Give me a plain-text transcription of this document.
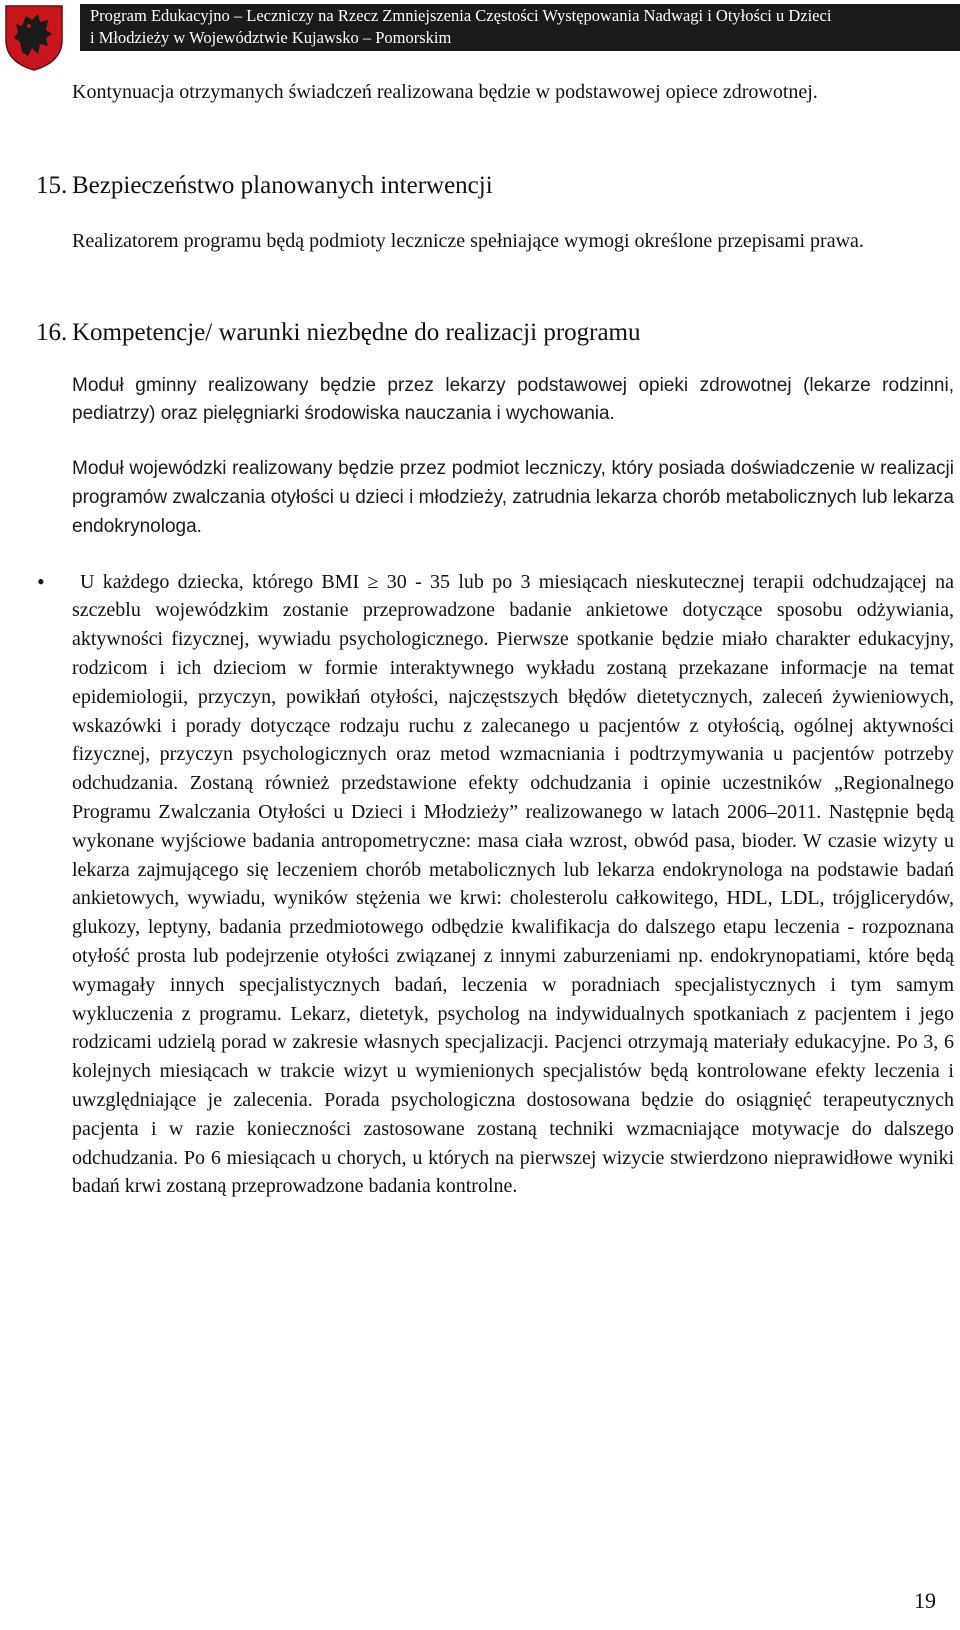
Program Edukacyjno – Leczniczy na Rzecz Zmniejszenia Częstości Występowania Nadwagi i Otyłości u Dzieci
i Młodzieży w Województwie Kujawsko – Pomorskim

Kontynuacja otrzymanych świadczeń realizowana będzie w podstawowej opiece zdrowotnej.

15. Bezpieczeństwo planowanych interwencji

Realizatorem programu będą podmioty lecznicze spełniające wymogi określone przepisami prawa.

16. Kompetencje/ warunki niezbędne do realizacji programu

Moduł gminny realizowany będzie przez lekarzy podstawowej opieki zdrowotnej (lekarze rodzinni, pediatrzy) oraz pielęgniarki środowiska nauczania i wychowania.

Moduł wojewódzki realizowany będzie przez podmiot leczniczy, który posiada doświadczenie w realizacji programów zwalczania otyłości u dzieci i młodzieży, zatrudnia lekarza chorób metabolicznych lub lekarza endokrynologa.

•	U każdego dziecka, którego BMI ≥ 30 - 35 lub po 3 miesiącach nieskutecznej terapii odchudzającej na szczeblu wojewódzkim zostanie przeprowadzone badanie ankietowe dotyczące sposobu odżywiania, aktywności fizycznej, wywiadu psychologicznego. Pierwsze spotkanie będzie miało charakter edukacyjny, rodzicom i ich dzieciom w formie interaktywnego wykładu zostaną przekazane informacje na temat epidemiologii, przyczyn, powikłań otyłości, najczęstszych błędów dietetycznych, zaleceń żywieniowych, wskazówki i porady dotyczące rodzaju ruchu z zalecanego u pacjentów z otyłością, ogólnej aktywności fizycznej, przyczyn psychologicznych oraz metod wzmacniania i podtrzymywania u pacjentów potrzeby odchudzania. Zostaną również przedstawione efekty odchudzania i opinie uczestników „Regionalnego Programu Zwalczania Otyłości u Dzieci i Młodzieży” realizowanego w latach 2006–2011. Następnie będą wykonane wyjściowe badania antropometryczne: masa ciała wzrost, obwód pasa, bioder. W czasie wizyty u lekarza zajmującego się leczeniem chorób metabolicznych lub lekarza endokrynologa na podstawie badań ankietowych, wywiadu, wyników stężenia we krwi: cholesterolu całkowitego, HDL, LDL, trójglicerydów, glukozy, leptyny, badania przedmiotowego odbędzie kwalifikacja do dalszego etapu leczenia - rozpoznana otyłość prosta lub podejrzenie otyłości związanej z innymi zaburzeniami np. endokrynopatiami, które będą wymagały innych specjalistycznych badań, leczenia w poradniach specjalistycznych i tym samym wykluczenia z programu. Lekarz, dietetyk, psycholog na indywidualnych spotkaniach z pacjentem i jego rodzicami udzielą porad w zakresie własnych specjalizacji. Pacjenci otrzymają materiały edukacyjne. Po 3, 6 kolejnych miesiącach w trakcie wizyt u wymienionych specjalistów będą kontrolowane efekty leczenia i uwzględniające je zalecenia. Porada psychologiczna dostosowana będzie do osiągnięć terapeutycznych pacjenta i w razie konieczności zastosowane zostaną techniki wzmacniające motywacje do dalszego odchudzania. Po 6 miesiącach u chorych, u których na pierwszej wizycie stwierdzono nieprawidłowe wyniki badań krwi zostaną przeprowadzone badania kontrolne.

19
